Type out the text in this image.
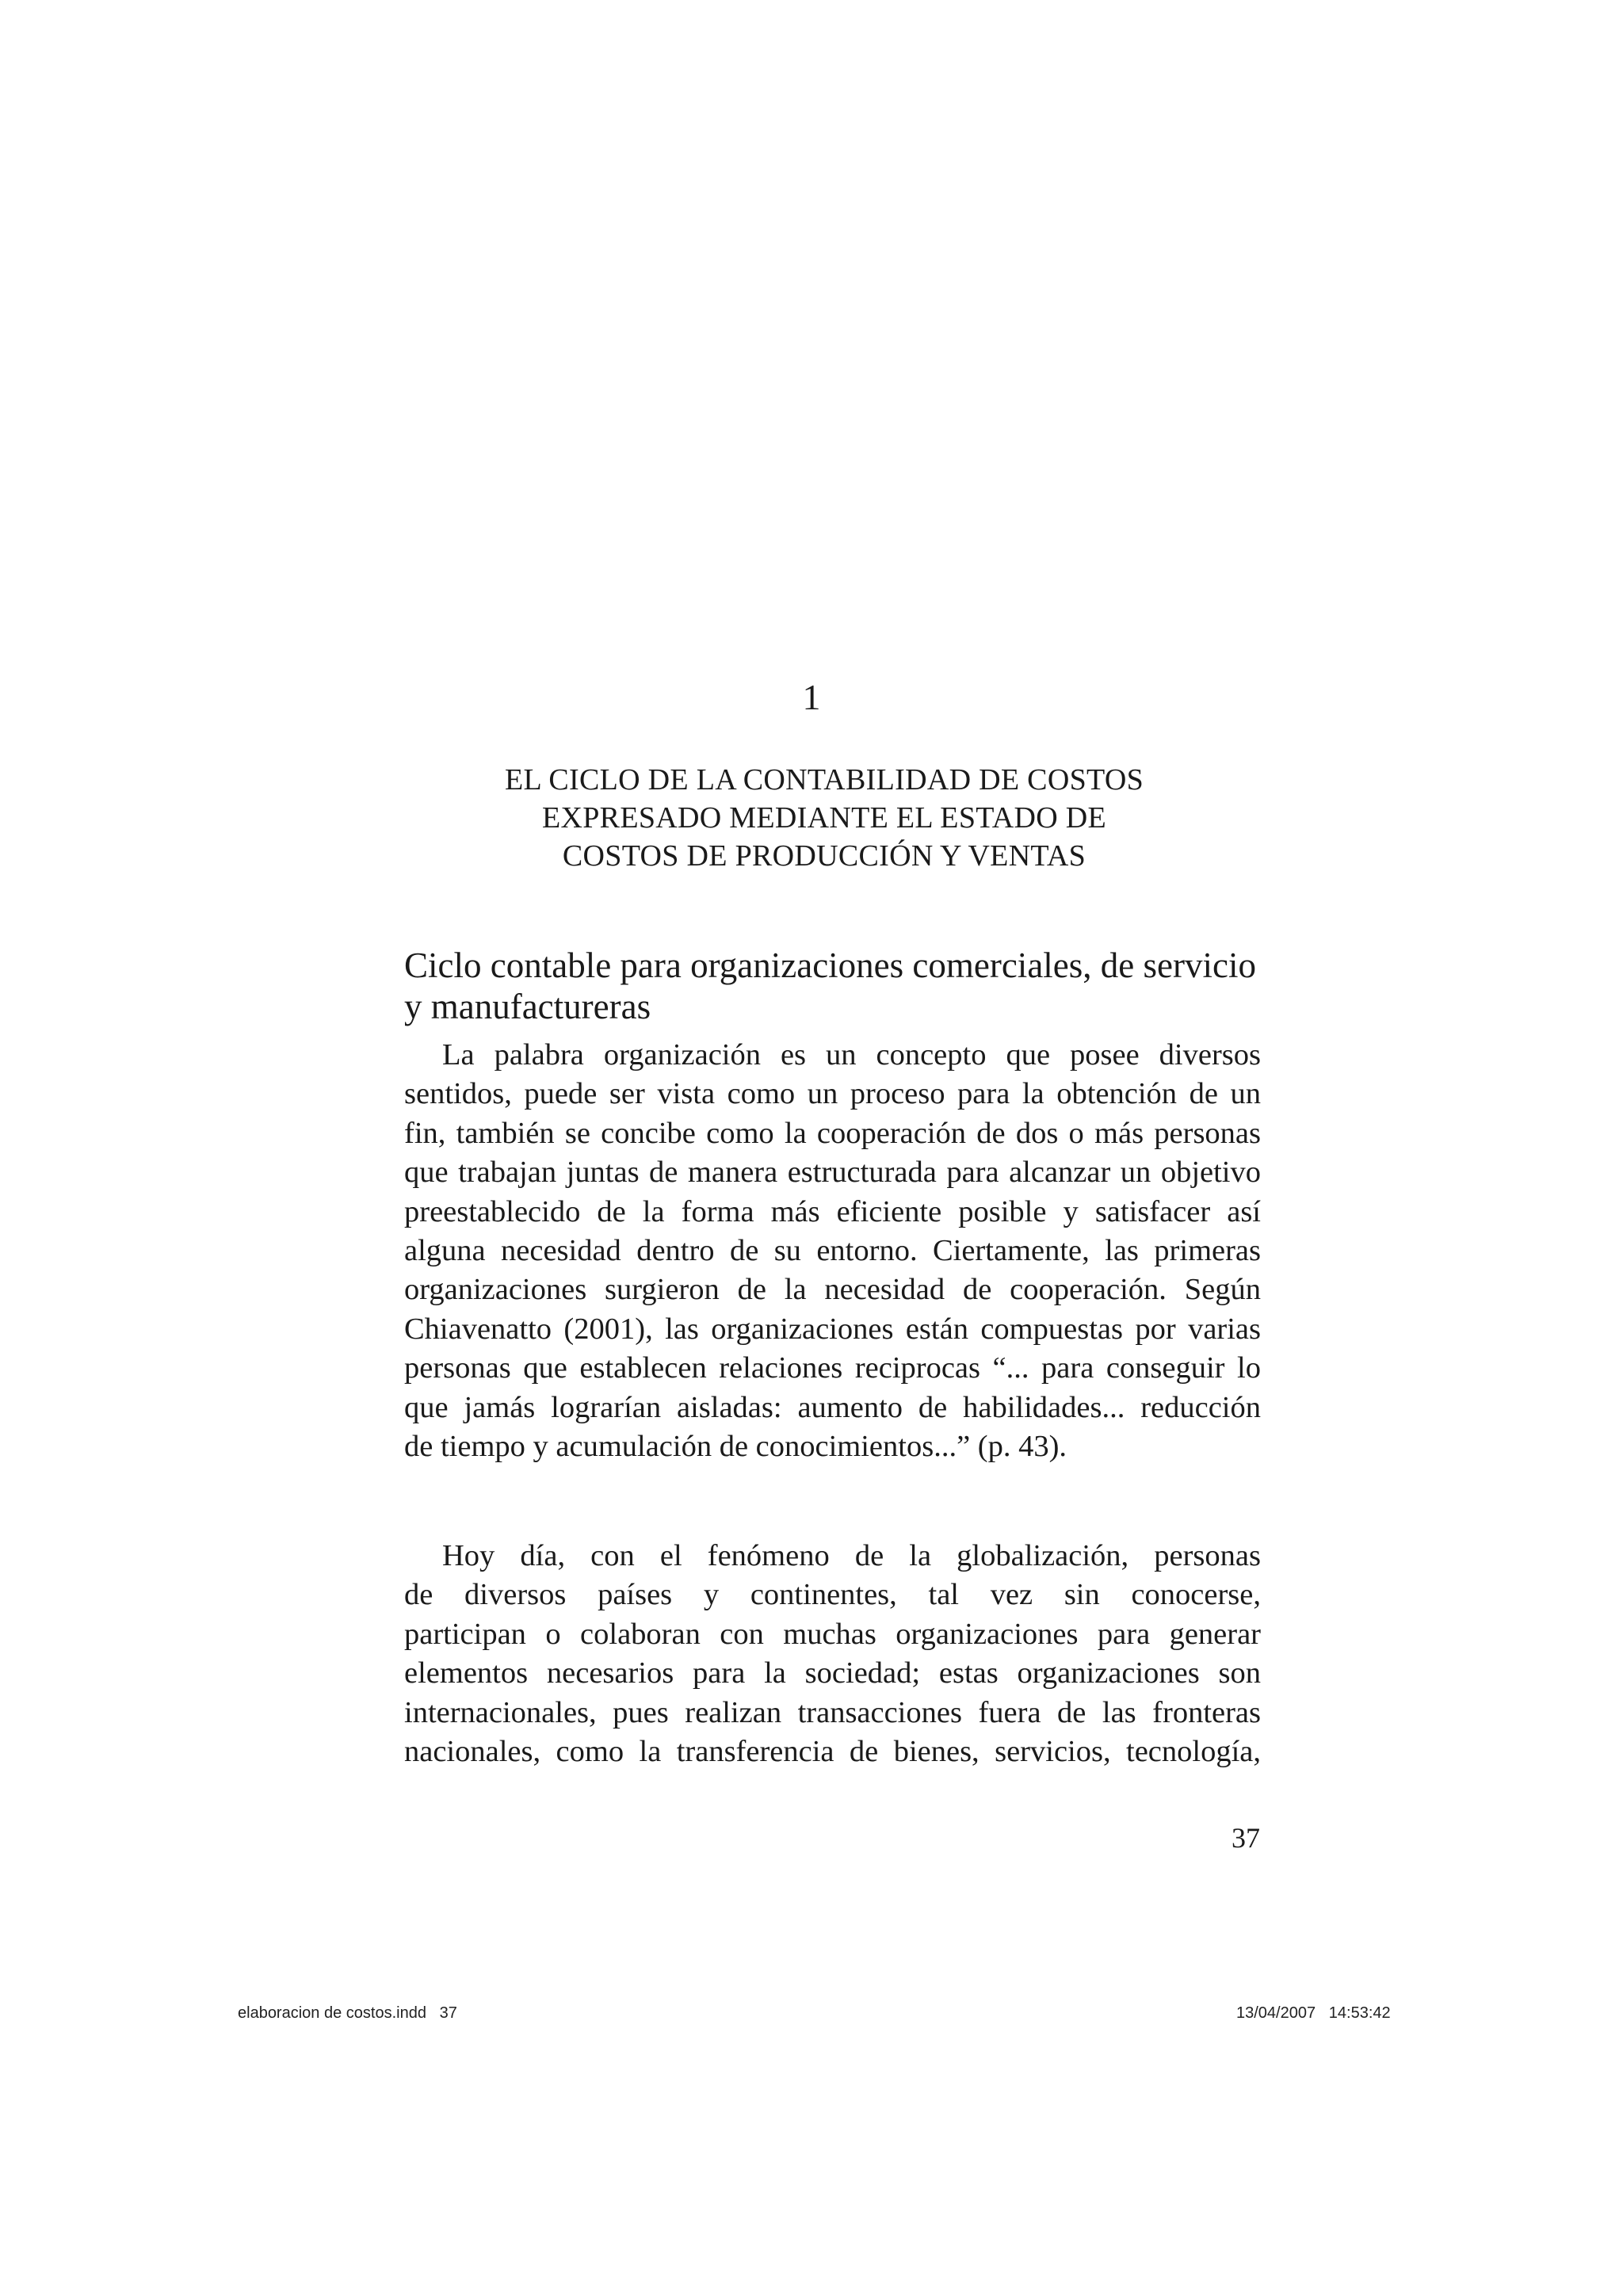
1
EL CICLO DE LA CONTABILIDAD DE COSTOS
EXPRESADO MEDIANTE EL ESTADO DE
COSTOS DE PRODUCCIÓN Y VENTAS
Ciclo contable para organizaciones comerciales, de servicio
y manufactureras
La palabra organización es un concepto que posee diversos
sentidos, puede ser vista como un proceso para la obtención de un
fin, también se concibe como la cooperación de dos o más personas
que trabajan juntas de manera estructurada para alcanzar un objetivo
preestablecido de la forma más eficiente posible y satisfacer así
alguna necesidad dentro de su entorno. Ciertamente, las primeras
organizaciones surgieron de la necesidad de cooperación. Según
Chiavenatto (2001), las organizaciones están compuestas por varias
personas que establecen relaciones reciprocas “... para conseguir lo
que jamás lograrían aisladas: aumento de habilidades... reducción
de tiempo y acumulación de conocimientos...” (p. 43).
Hoy día, con el fenómeno de la globalización, personas
de diversos países y continentes, tal vez sin conocerse,
participan o colaboran con muchas organizaciones para generar
elementos necesarios para la sociedad; estas organizaciones son
internacionales, pues realizan transacciones fuera de las fronteras
nacionales, como la transferencia de bienes, servicios, tecnología,
37
elaboracion de costos.indd   37	13/04/2007   14:53:42
